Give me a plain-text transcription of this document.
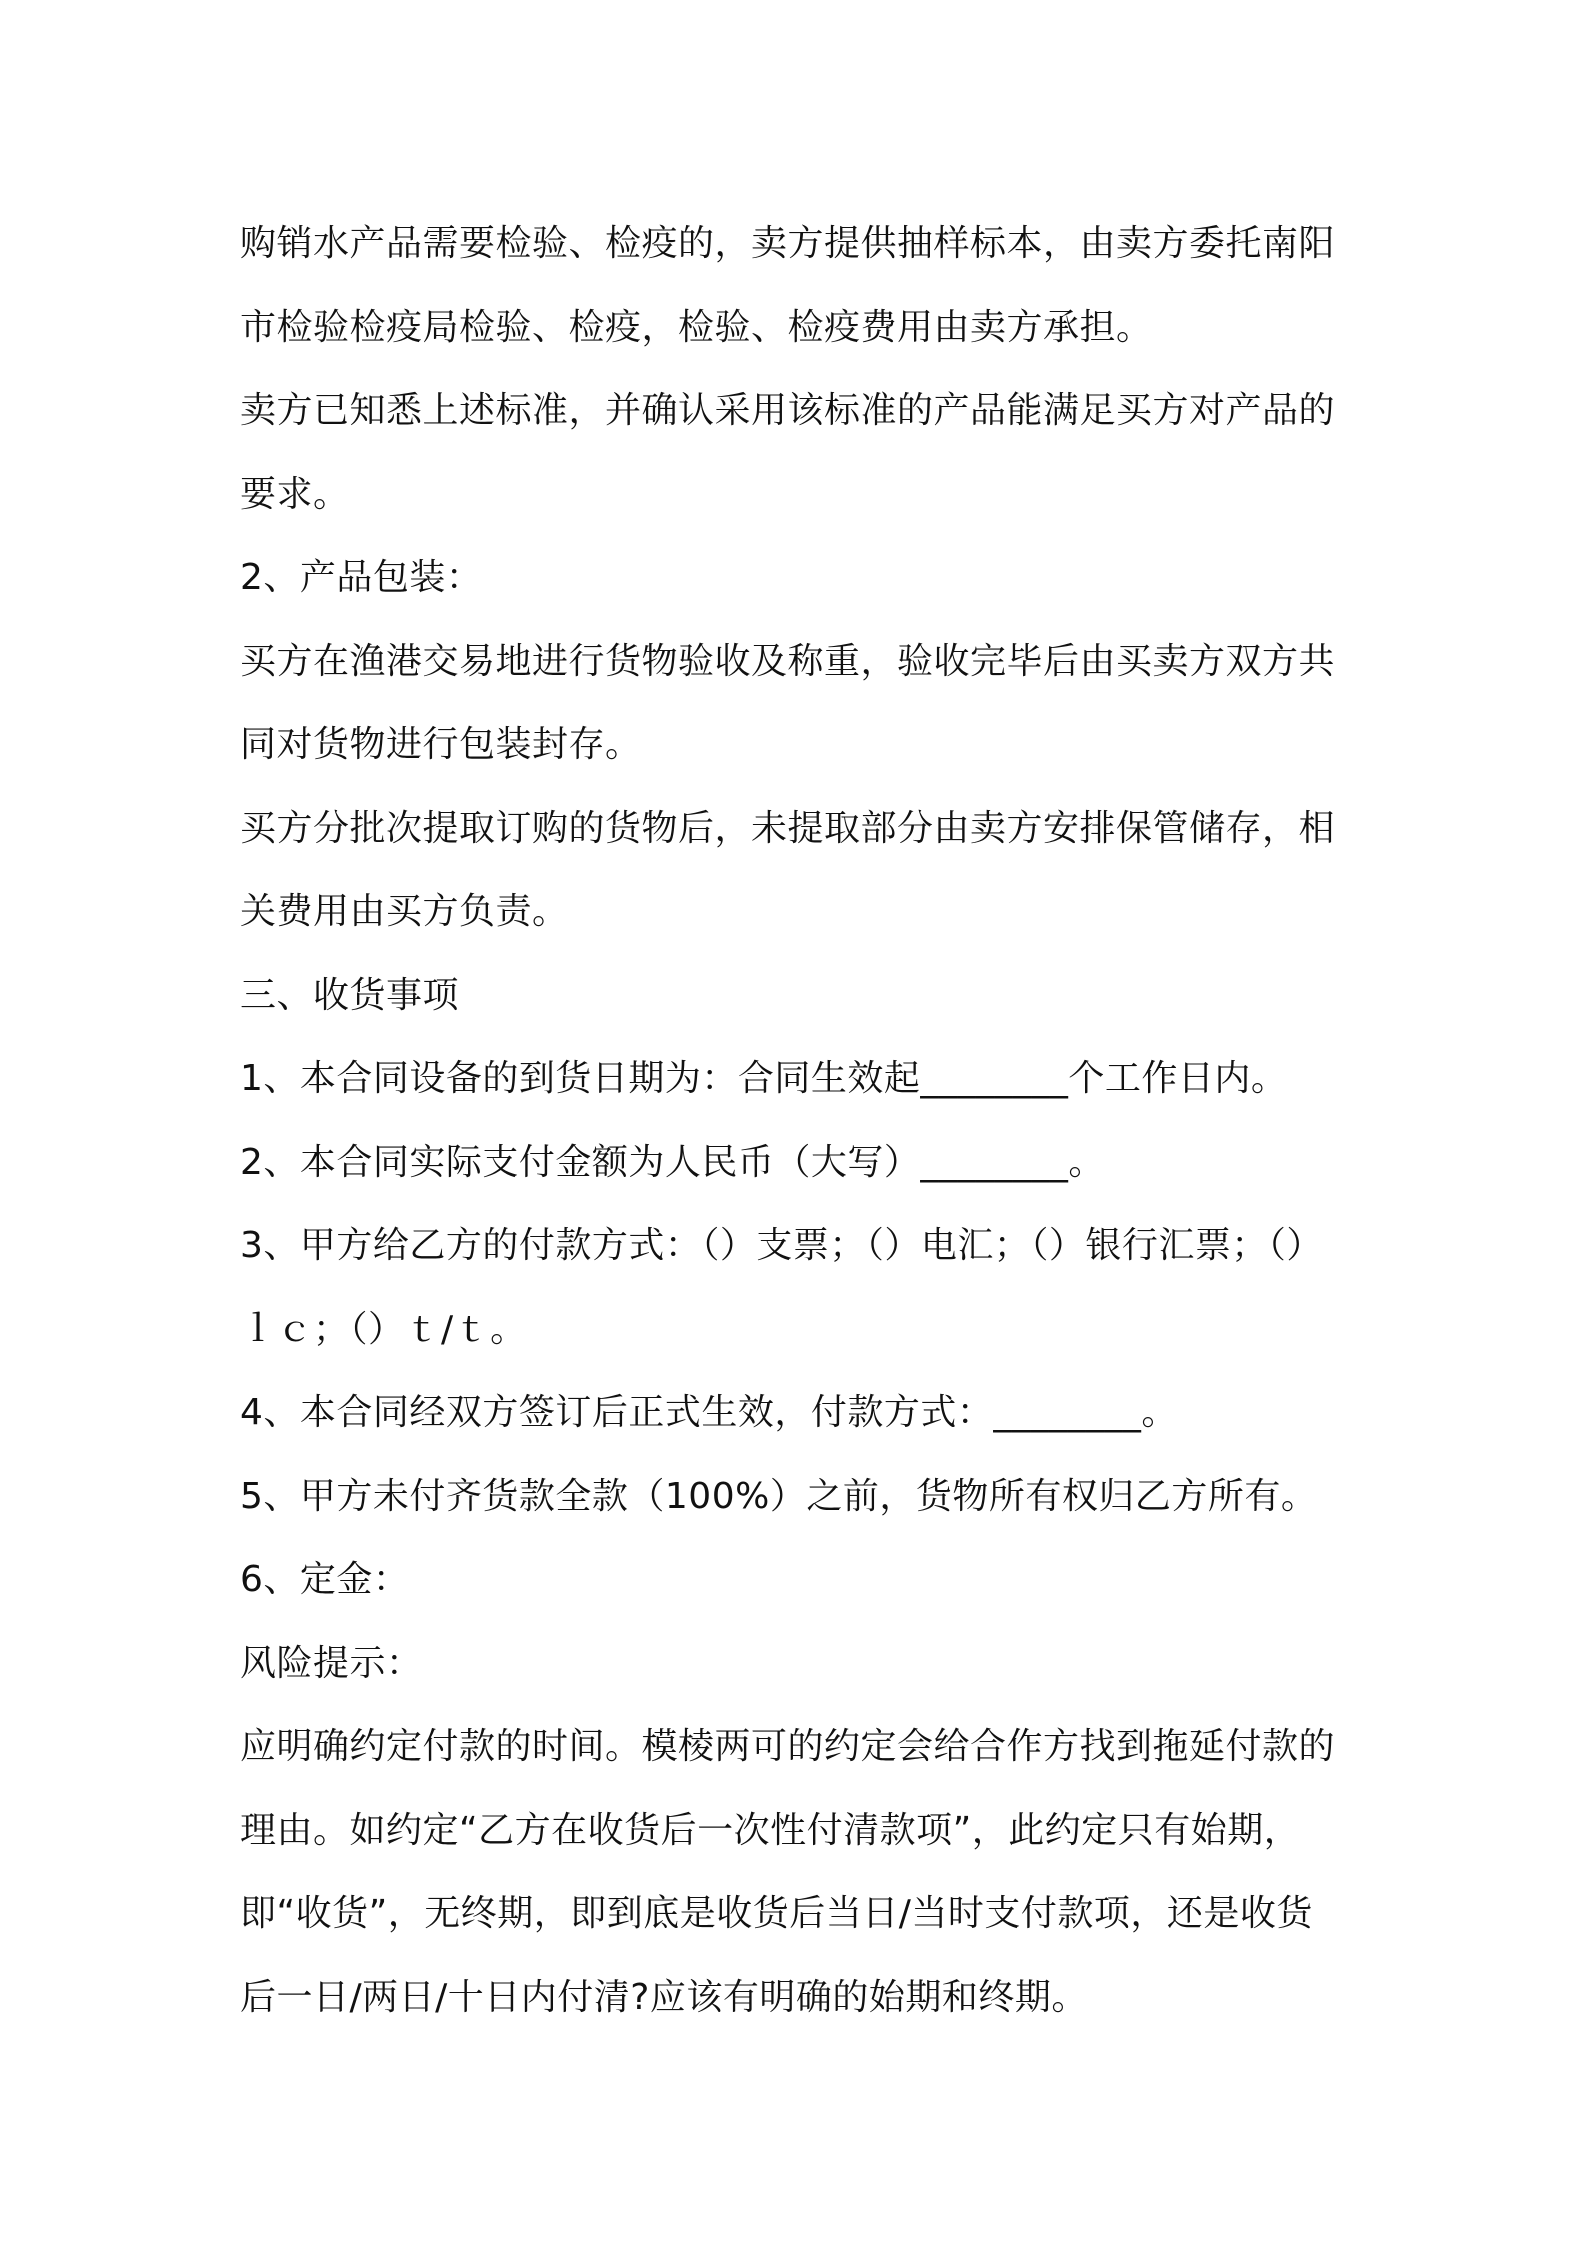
购销水产品需要检验、检疫的，卖方提供抽样标本，由卖方委托南阳
市检验检疫局检验、检疫，检验、检疫费用由卖方承担。
卖方已知悉上述标准，并确认采用该标准的产品能满足买方对产品的
要求。
2、产品包装：
买方在渔港交易地进行货物验收及称重，验收完毕后由买卖方双方共
同对货物进行包装封存。
买方分批次提取订购的货物后，未提取部分由卖方安排保管储存，相
关费用由买方负责。
三、收货事项
1、本合同设备的到货日期为：合同生效起________个工作日内。
2、本合同实际支付金额为人民币（大写）________。
3、甲方给乙方的付款方式：（）支票；（）电汇；（）银行汇票；（）
ｌｃ；（）ｔ/ｔ。
4、本合同经双方签订后正式生效，付款方式：________。
5、甲方未付齐货款全款（100%）之前，货物所有权归乙方所有。
6、定金：
风险提示：
应明确约定付款的时间。模棱两可的约定会给合作方找到拖延付款的
理由。如约定“乙方在收货后一次性付清款项”，此约定只有始期，
即“收货”，无终期，即到底是收货后当日/当时支付款项，还是收货
后一日/两日/十日内付清?应该有明确的始期和终期。
